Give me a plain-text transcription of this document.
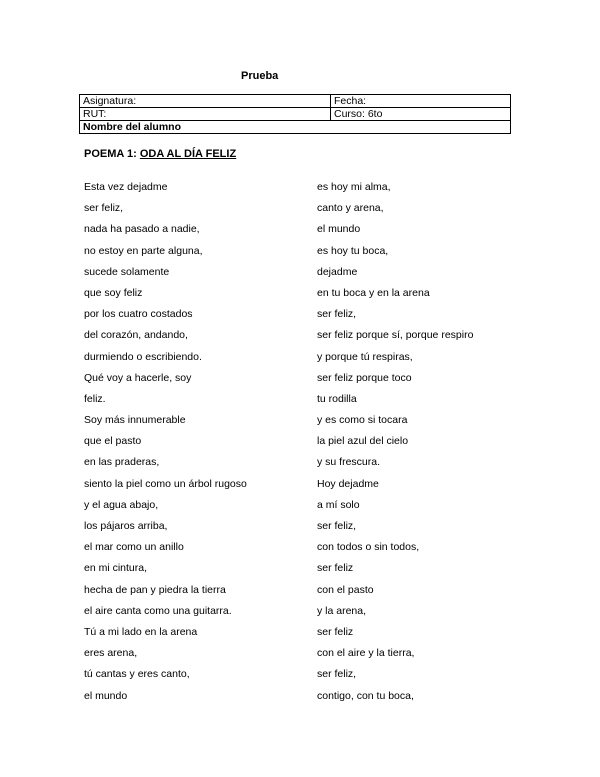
Prueba
Asignatura:	Fecha:
RUT:	Curso: 6to
Nombre del alumno	
POEMA 1: ODA AL DÍA FELIZ
Esta vez dejadme
ser feliz,
nada ha pasado a nadie,
no estoy en parte alguna,
sucede solamente
que soy feliz
por los cuatro costados
del corazón, andando,
durmiendo o escribiendo.
Qué voy a hacerle, soy
feliz.
Soy más innumerable
que el pasto
en las praderas,
siento la piel como un árbol rugoso
y el agua abajo,
los pájaros arriba,
el mar como un anillo
en mi cintura,
hecha de pan y piedra la tierra
el aire canta como una guitarra.
Tú a mi lado en la arena
eres arena,
tú cantas y eres canto,
el mundo
es hoy mi alma,
canto y arena,
el mundo
es hoy tu boca,
dejadme
en tu boca y en la arena
ser feliz,
ser feliz porque sí, porque respiro
y porque tú respiras,
ser feliz porque toco
tu rodilla
y es como si tocara
la piel azul del cielo
y su frescura.
Hoy dejadme
a mí solo
ser feliz,
con todos o sin todos,
ser feliz
con el pasto
y la arena,
ser feliz
con el aire y la tierra,
ser feliz,
contigo, con tu boca,
